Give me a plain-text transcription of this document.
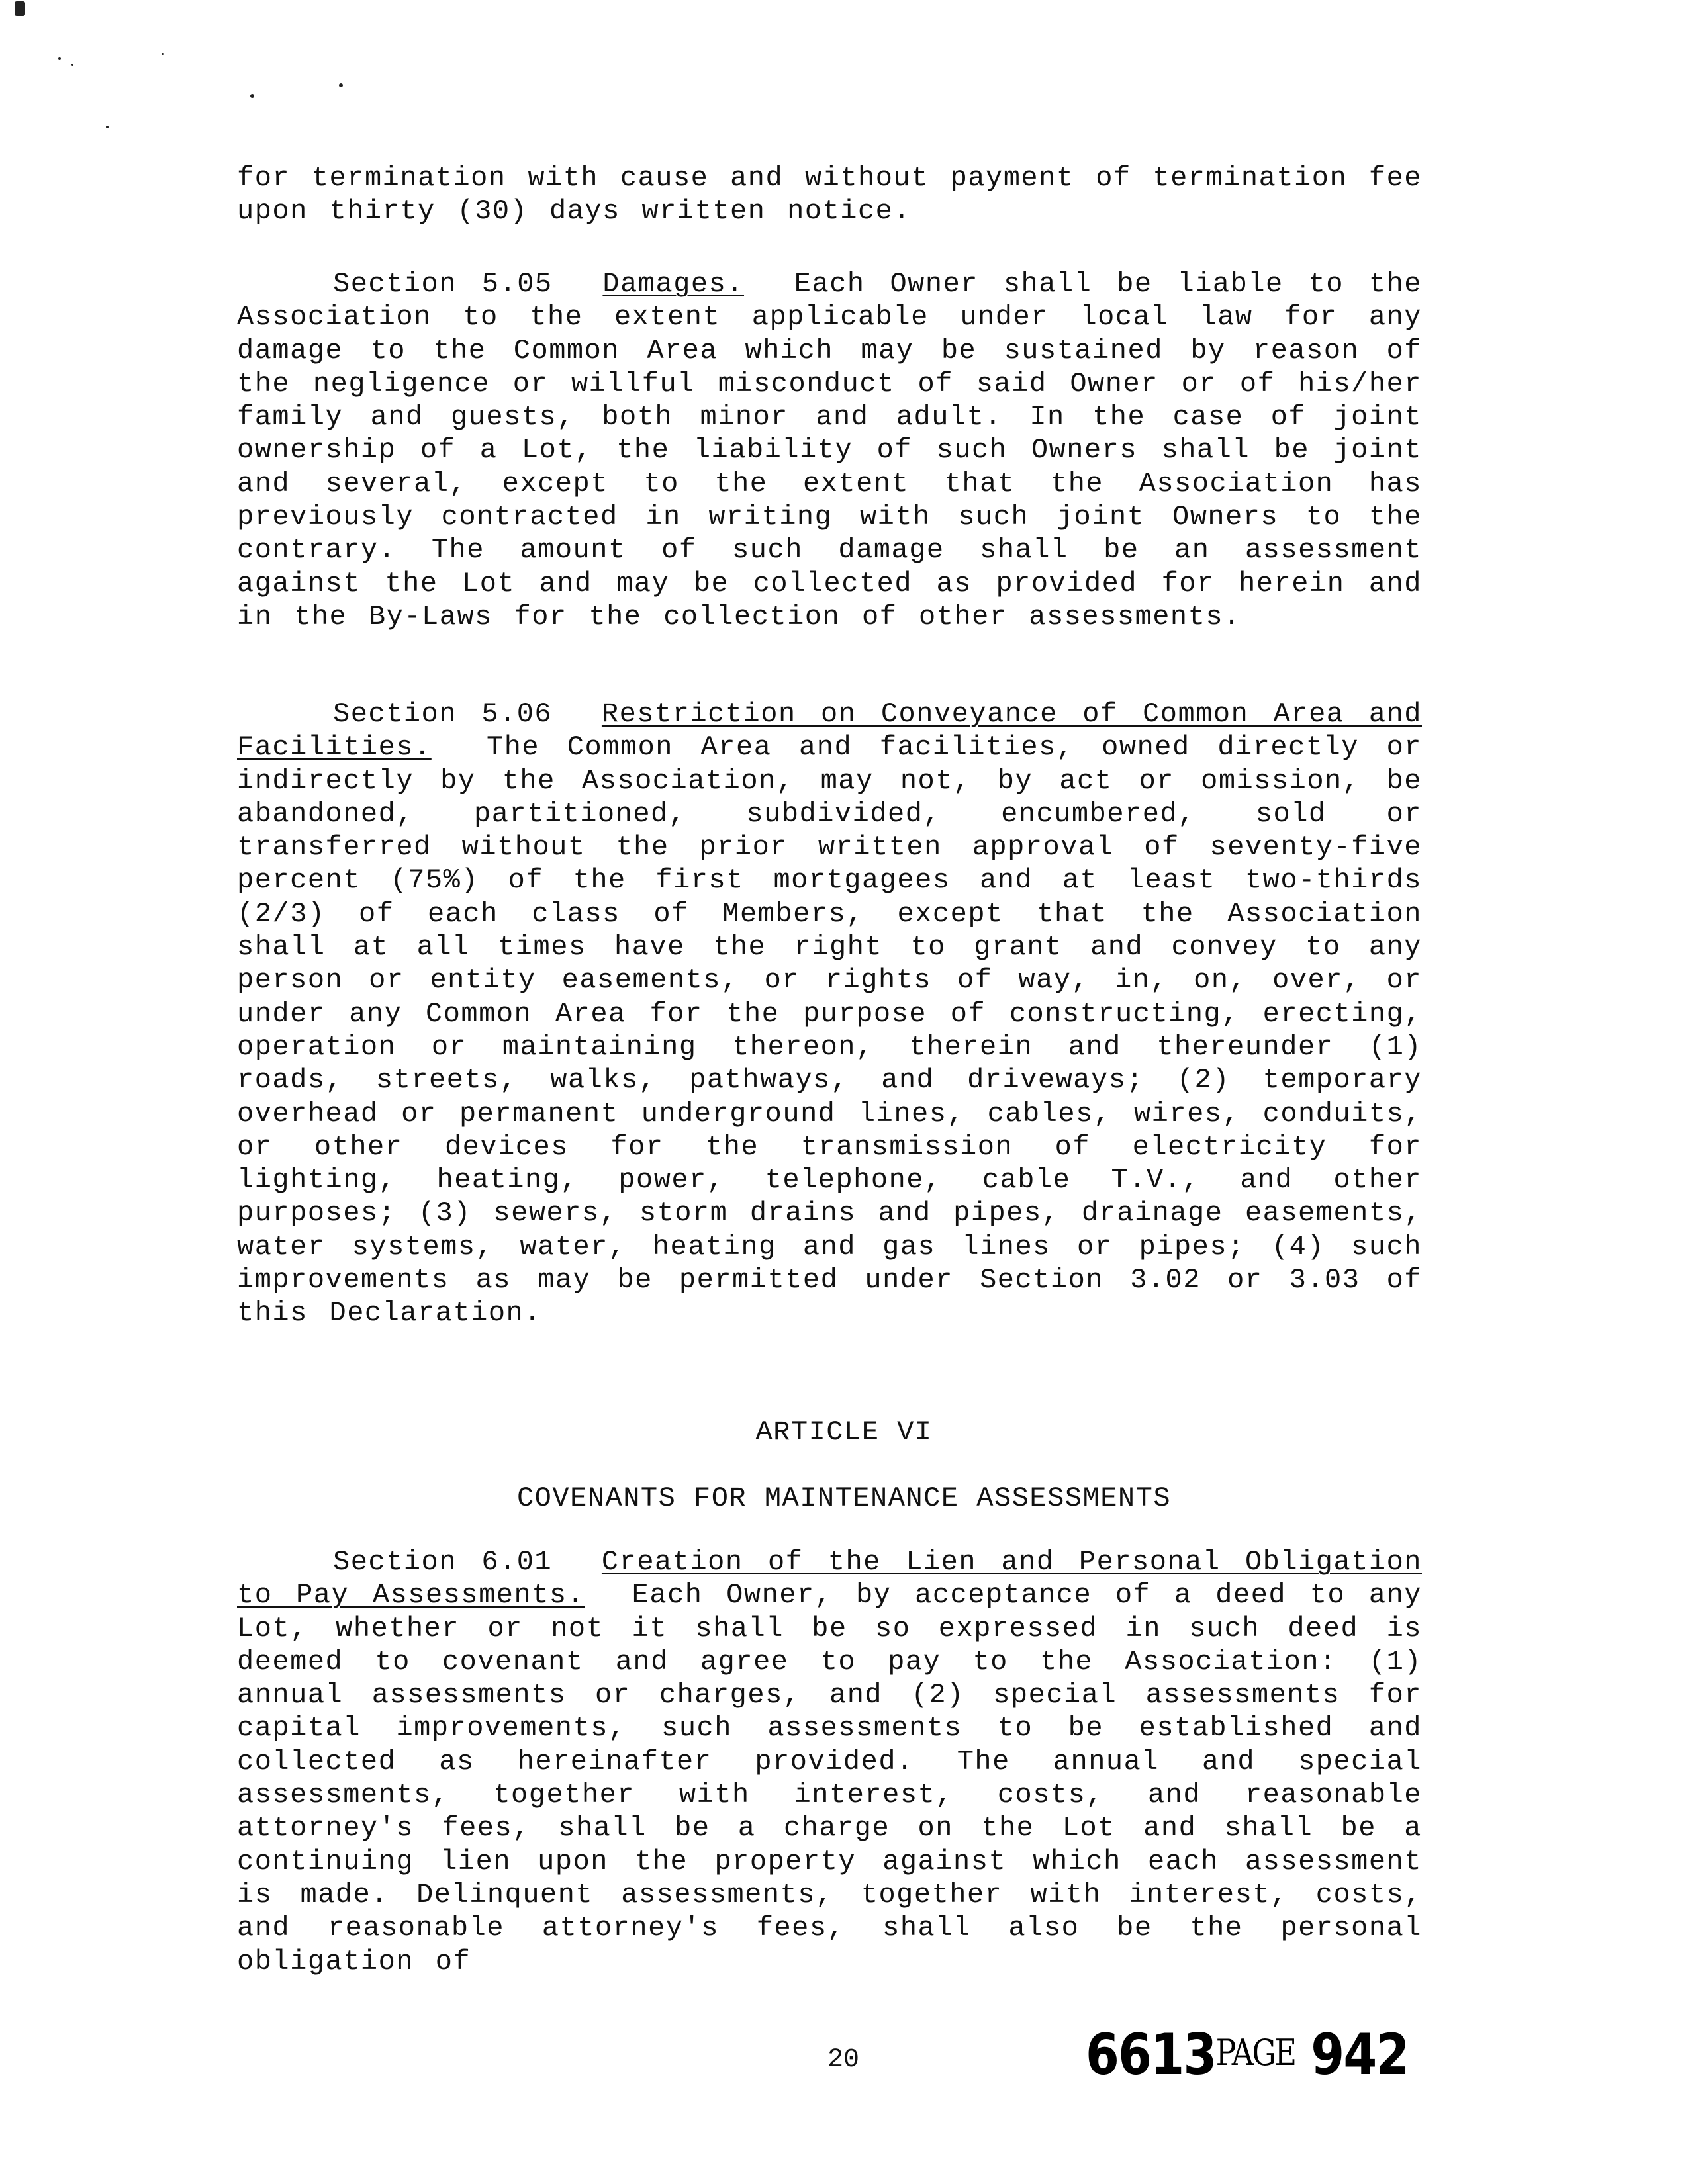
for termination with cause and without payment of termination fee upon thirty (30) days written notice.

Section 5.05 Damages. Each Owner shall be liable to the Association to the extent applicable under local law for any damage to the Common Area which may be sustained by reason of the negligence or willful misconduct of said Owner or of his/her family and guests, both minor and adult. In the case of joint ownership of a Lot, the liability of such Owners shall be joint and several, except to the extent that the Association has previously contracted in writing with such joint Owners to the contrary. The amount of such damage shall be an assessment against the Lot and may be collected as provided for herein and in the By-Laws for the collection of other assessments.

Section 5.06 Restriction on Conveyance of Common Area and Facilities. The Common Area and facilities, owned directly or indirectly by the Association, may not, by act or omission, be abandoned, partitioned, subdivided, encumbered, sold or transferred without the prior written approval of seventy-five percent (75%) of the first mortgagees and at least two-thirds (2/3) of each class of Members, except that the Association shall at all times have the right to grant and convey to any person or entity easements, or rights of way, in, on, over, or under any Common Area for the purpose of constructing, erecting, operation or maintaining thereon, therein and thereunder (1) roads, streets, walks, pathways, and driveways; (2) temporary overhead or permanent underground lines, cables, wires, conduits, or other devices for the transmission of electricity for lighting, heating, power, telephone, cable T.V., and other purposes; (3) sewers, storm drains and pipes, drainage easements, water systems, water, heating and gas lines or pipes; (4) such improvements as may be permitted under Section 3.02 or 3.03 of this Declaration.

ARTICLE VI
COVENANTS FOR MAINTENANCE ASSESSMENTS

Section 6.01 Creation of the Lien and Personal Obligation to Pay Assessments. Each Owner, by acceptance of a deed to any Lot, whether or not it shall be so expressed in such deed is deemed to covenant and agree to pay to the Association: (1) annual assessments or charges, and (2) special assessments for capital improvements, such assessments to be established and collected as hereinafter provided. The annual and special assessments, together with interest, costs, and reasonable attorney's fees, shall be a charge on the Lot and shall be a continuing lien upon the property against which each assessment is made. Delinquent assessments, together with interest, costs, and reasonable attorney's fees, shall also be the personal obligation of

20	6613PAGE 942
